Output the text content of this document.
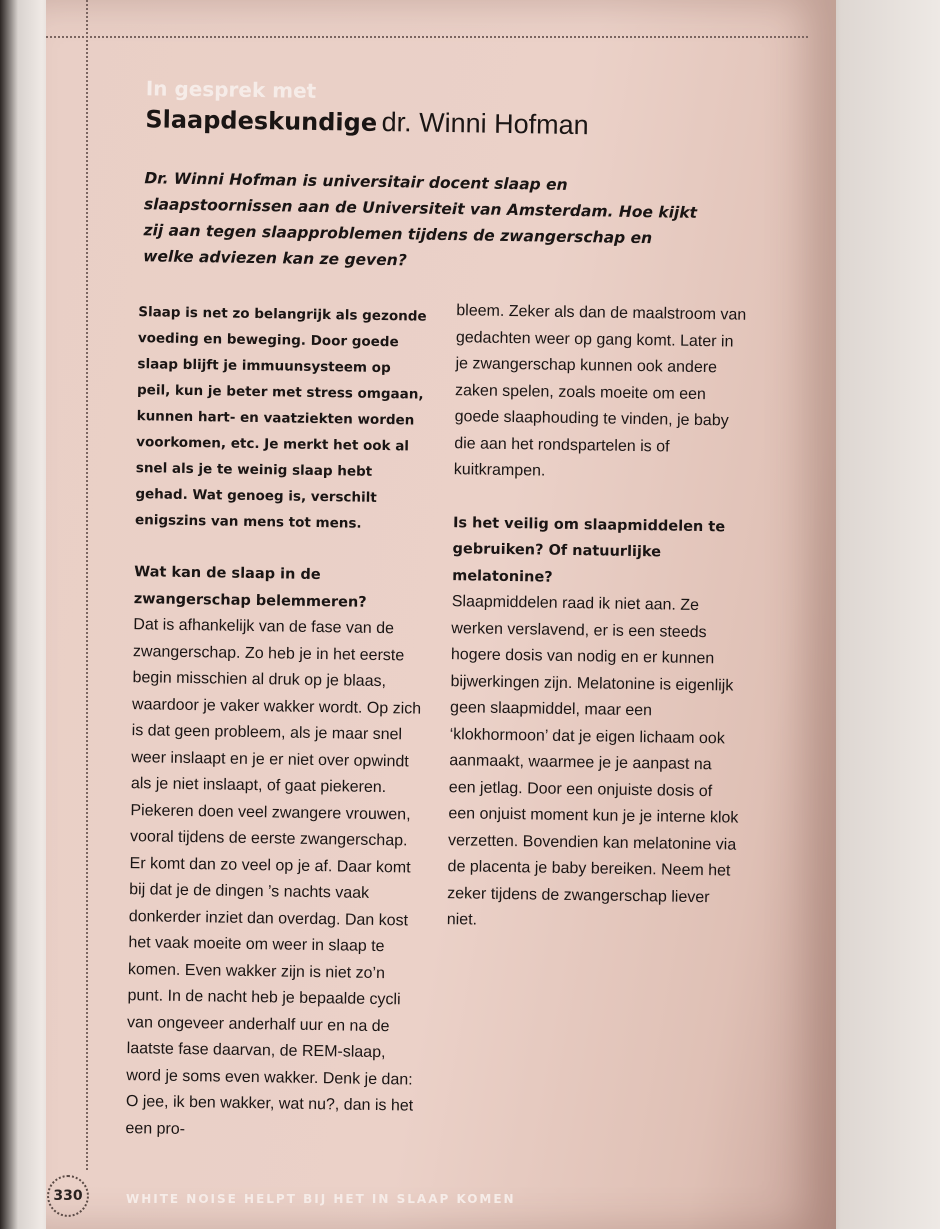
In gesprek met
Slaapdeskundige dr. Winni Hofman
Dr. Winni Hofman is universitair docent slaap en slaapstoornissen aan de Universiteit van Amsterdam. Hoe kijkt zij aan tegen slaapproblemen tijdens de zwangerschap en welke adviezen kan ze geven?

Slaap is net zo belangrijk als gezonde voeding en beweging. Door goede slaap blijft je immuunsysteem op peil, kun je beter met stress omgaan, kunnen hart- en vaatziekten worden voorkomen, etc. Je merkt het ook al snel als je te weinig slaap hebt gehad. Wat genoeg is, verschilt enigszins van mens tot mens.

Wat kan de slaap in de zwangerschap belemmeren?

Dat is afhankelijk van de fase van de zwangerschap. Zo heb je in het eerste begin misschien al druk op je blaas, waardoor je vaker wakker wordt. Op zich is dat geen probleem, als je maar snel weer inslaapt en je er niet over opwindt als je niet inslaapt, of gaat piekeren.

Piekeren doen veel zwangere vrouwen, vooral tijdens de eerste zwangerschap. Er komt dan zo veel op je af. Daar komt bij dat je de dingen ’s nachts vaak donkerder inziet dan overdag. Dan kost het vaak moeite om weer in slaap te komen. Even wakker zijn is niet zo’n punt. In de nacht heb je bepaalde cycli van ongeveer anderhalf uur en na de laatste fase daarvan, de REM-slaap, word je soms even wakker. Denk je dan: O jee, ik ben wakker, wat nu?, dan is het een pro-

bleem. Zeker als dan de maalstroom van gedachten weer op gang komt. Later in je zwangerschap kunnen ook andere zaken spelen, zoals moeite om een goede slaaphouding te vinden, je baby die aan het rondspartelen is of kuitkrampen.

Is het veilig om slaapmiddelen te gebruiken? Of natuurlijke melatonine?

Slaapmiddelen raad ik niet aan. Ze werken verslavend, er is een steeds hogere dosis van nodig en er kunnen bijwerkingen zijn. Melatonine is eigenlijk geen slaapmiddel, maar een ‘klokhormoon’ dat je eigen lichaam ook aanmaakt, waarmee je je aanpast na een jetlag. Door een onjuiste dosis of een onjuist moment kun je je interne klok verzetten. Bovendien kan melatonine via de placenta je baby bereiken. Neem het zeker tijdens de zwangerschap liever niet.

330	WHITE NOISE HELPT BIJ HET IN SLAAP KOMEN
